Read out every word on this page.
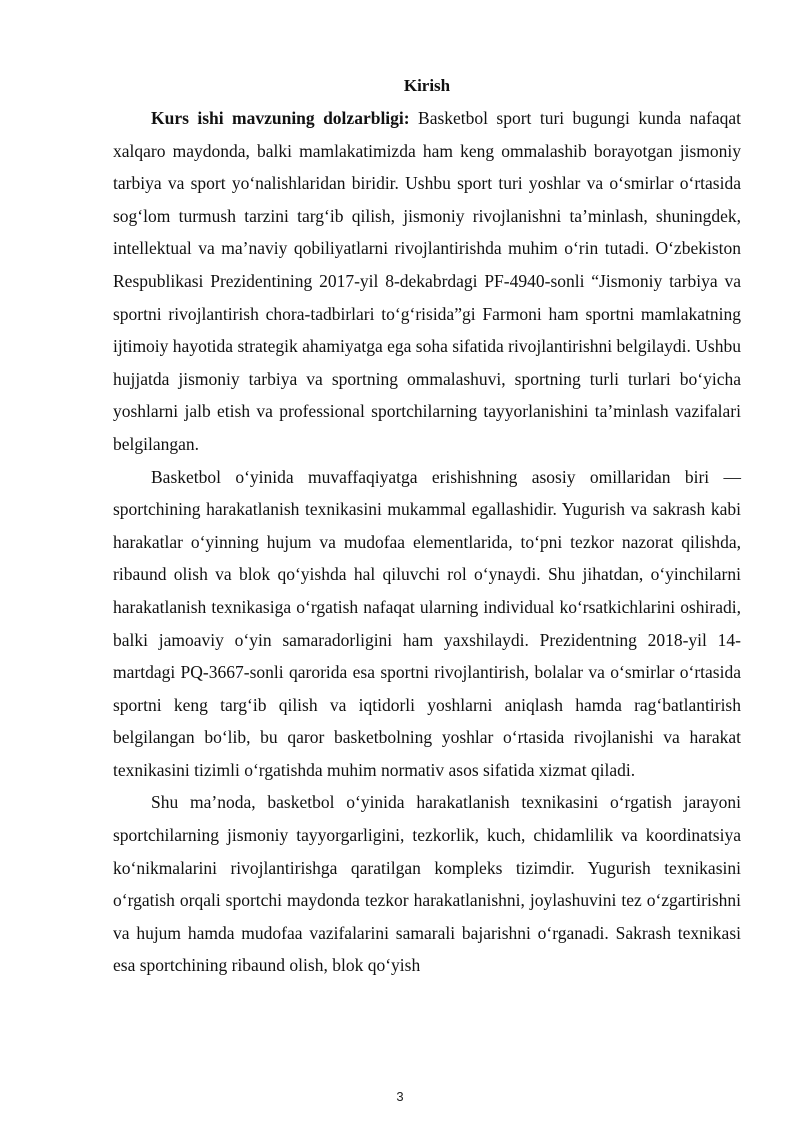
Kirish

Kurs ishi mavzuning dolzarbligi: Basketbol sport turi bugungi kunda nafaqat xalqaro maydonda, balki mamlakatimizda ham keng ommalashib borayotgan jismoniy tarbiya va sport yo‘nalishlaridan biridir. Ushbu sport turi yoshlar va o‘smirlar o‘rtasida sog‘lom turmush tarzini targ‘ib qilish, jismoniy rivojlanishni ta’minlash, shuningdek, intellektual va ma’naviy qobiliyatlarni rivojlantirishda muhim o‘rin tutadi. O‘zbekiston Respublikasi Prezidentining 2017-yil 8-dekabrdagi PF-4940-sonli “Jismoniy tarbiya va sportni rivojlantirish chora-tadbirlari to‘g‘risida”gi Farmoni ham sportni mamlakatning ijtimoiy hayotida strategik ahamiyatga ega soha sifatida rivojlantirishni belgilaydi. Ushbu hujjatda jismoniy tarbiya va sportning ommalashuvi, sportning turli turlari bo‘yicha yoshlarni jalb etish va professional sportchilarning tayyorlanishini ta’minlash vazifalari belgilangan.

Basketbol o‘yinida muvaffaqiyatga erishishning asosiy omillaridan biri — sportchining harakatlanish texnikasini mukammal egallashidir. Yugurish va sakrash kabi harakatlar o‘yinning hujum va mudofaa elementlarida, to‘pni tezkor nazorat qilishda, ribaund olish va blok qo‘yishda hal qiluvchi rol o‘ynaydi. Shu jihatdan, o‘yinchilarni harakatlanish texnikasiga o‘rgatish nafaqat ularning individual ko‘rsatkichlarini oshiradi, balki jamoaviy o‘yin samaradorligini ham yaxshilaydi. Prezidentning 2018-yil 14-martdagi PQ-3667-sonli qarorida esa sportni rivojlantirish, bolalar va o‘smirlar o‘rtasida sportni keng targ‘ib qilish va iqtidorli yoshlarni aniqlash hamda rag‘batlantirish belgilangan bo‘lib, bu qaror basketbolning yoshlar o‘rtasida rivojlanishi va harakat texnikasini tizimli o‘rgatishda muhim normativ asos sifatida xizmat qiladi.

Shu ma’noda, basketbol o‘yinida harakatlanish texnikasini o‘rgatish jarayoni sportchilarning jismoniy tayyorgarligini, tezkorlik, kuch, chidamlilik va koordinatsiya ko‘nikmalarini rivojlantirishga qaratilgan kompleks tizimdir. Yugurish texnikasini o‘rgatish orqali sportchi maydonda tezkor harakatlanishni, joylashuvini tez o‘zgartirishni va hujum hamda mudofaa vazifalarini samarali bajarishni o‘rganadi. Sakrash texnikasi esa sportchining ribaund olish, blok qo‘yish

3
